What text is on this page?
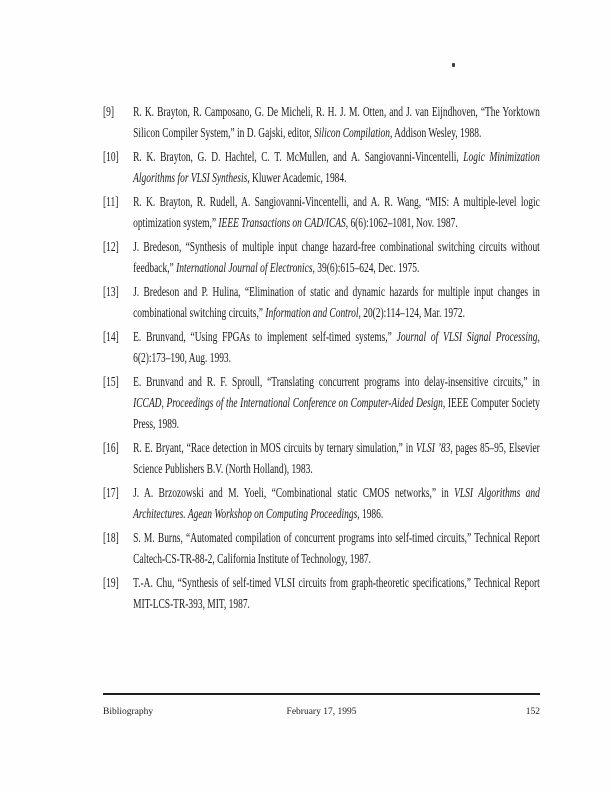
[9]	R. K. Brayton, R. Camposano, G. De Micheli, R. H. J. M. Otten, and J. van Eijndhoven, “The Yorktown Silicon Compiler System,” in D. Gajski, editor, Silicon Compilation, Addison Wesley, 1988.
[10]	R. K. Brayton, G. D. Hachtel, C. T. McMullen, and A. Sangiovanni-Vincentelli, Logic Minimization Algorithms for VLSI Synthesis, Kluwer Academic, 1984.
[11]	R. K. Brayton, R. Rudell, A. Sangiovanni-Vincentelli, and A. R. Wang, “MIS: A multiple-level logic optimization system,” IEEE Transactions on CAD/ICAS, 6(6):1062–1081, Nov. 1987.
[12]	J. Bredeson, “Synthesis of multiple input change hazard-free combinational switching circuits without feedback,” International Journal of Electronics, 39(6):615–624, Dec. 1975.
[13]	J. Bredeson and P. Hulina, “Elimination of static and dynamic hazards for multiple input changes in combinational switching circuits,” Information and Control, 20(2):114–124, Mar. 1972.
[14]	E. Brunvand, “Using FPGAs to implement self-timed systems,” Journal of VLSI Signal Processing, 6(2):173–190, Aug. 1993.
[15]	E. Brunvand and R. F. Sproull, “Translating concurrent programs into delay-insensitive circuits,” in ICCAD, Proceedings of the International Conference on Computer-Aided Design, IEEE Computer Society Press, 1989.
[16]	R. E. Bryant, “Race detection in MOS circuits by ternary simulation,” in VLSI ’83, pages 85–95, Elsevier Science Publishers B.V. (North Holland), 1983.
[17]	J. A. Brzozowski and M. Yoeli, “Combinational static CMOS networks,” in VLSI Algorithms and Architectures. Agean Workshop on Computing Proceedings, 1986.
[18]	S. M. Burns, “Automated compilation of concurrent programs into self-timed circuits,” Technical Report Caltech-CS-TR-88-2, California Institute of Technology, 1987.
[19]	T.-A. Chu, “Synthesis of self-timed VLSI circuits from graph-theoretic specifications,” Technical Report MIT-LCS-TR-393, MIT, 1987.
Bibliography	February 17, 1995	152
